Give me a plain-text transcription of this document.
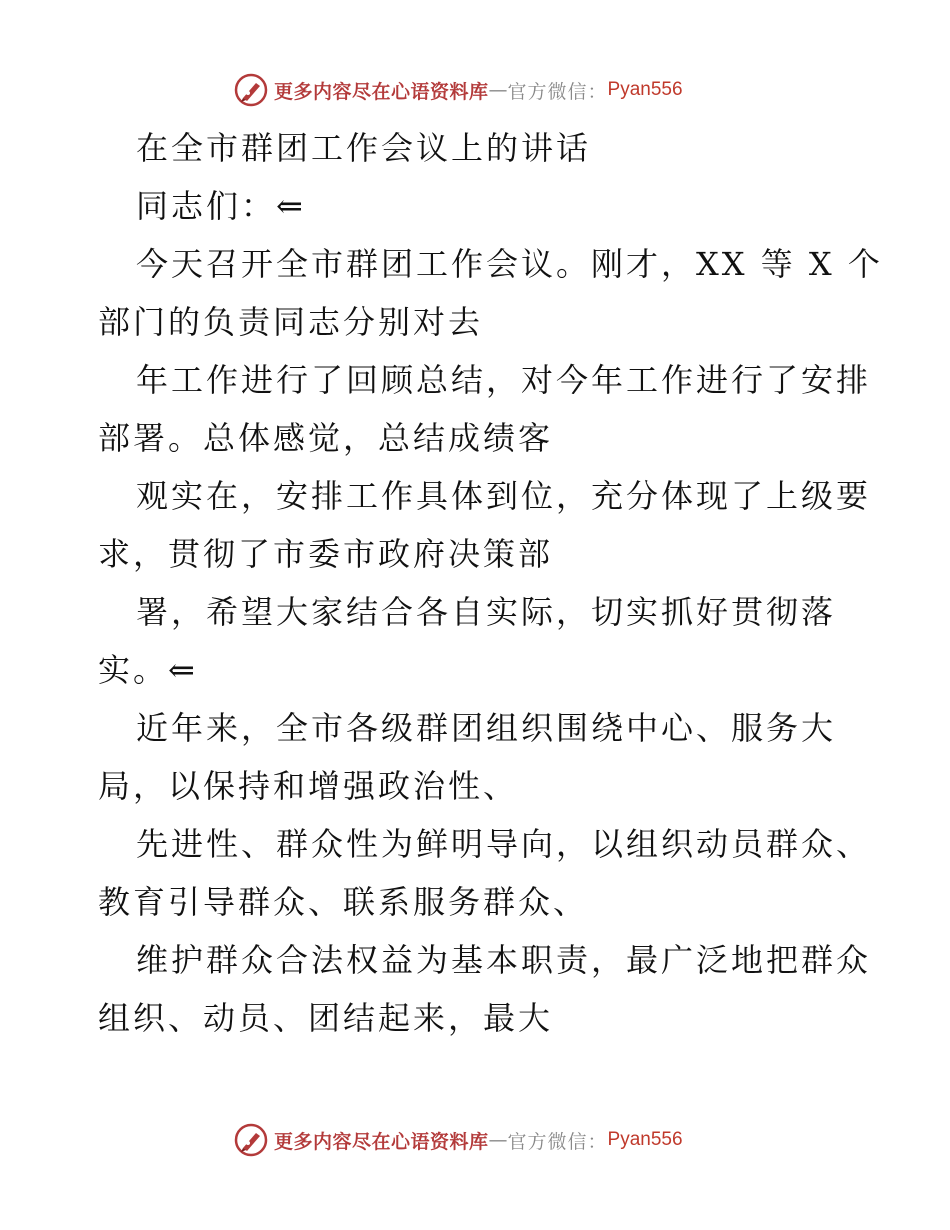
更多内容尽在心语资料库 — 官方微信： Pyan556
在全市群团工作会议上的讲话
同志们：⇐
今天召开全市群团工作会议。刚才，XX 等 X 个
部门的负责同志分别对去
年工作进行了回顾总结，对今年工作进行了安排
部署。总体感觉，总结成绩客
观实在，安排工作具体到位，充分体现了上级要
求，贯彻了市委市政府决策部
署，希望大家结合各自实际，切实抓好贯彻落
实。⇐
近年来，全市各级群团组织围绕中心、服务大
局，以保持和增强政治性、
先进性、群众性为鲜明导向，以组织动员群众、
教育引导群众、联系服务群众、
维护群众合法权益为基本职责，最广泛地把群众
组织、动员、团结起来，最大
更多内容尽在心语资料库 — 官方微信： Pyan556
